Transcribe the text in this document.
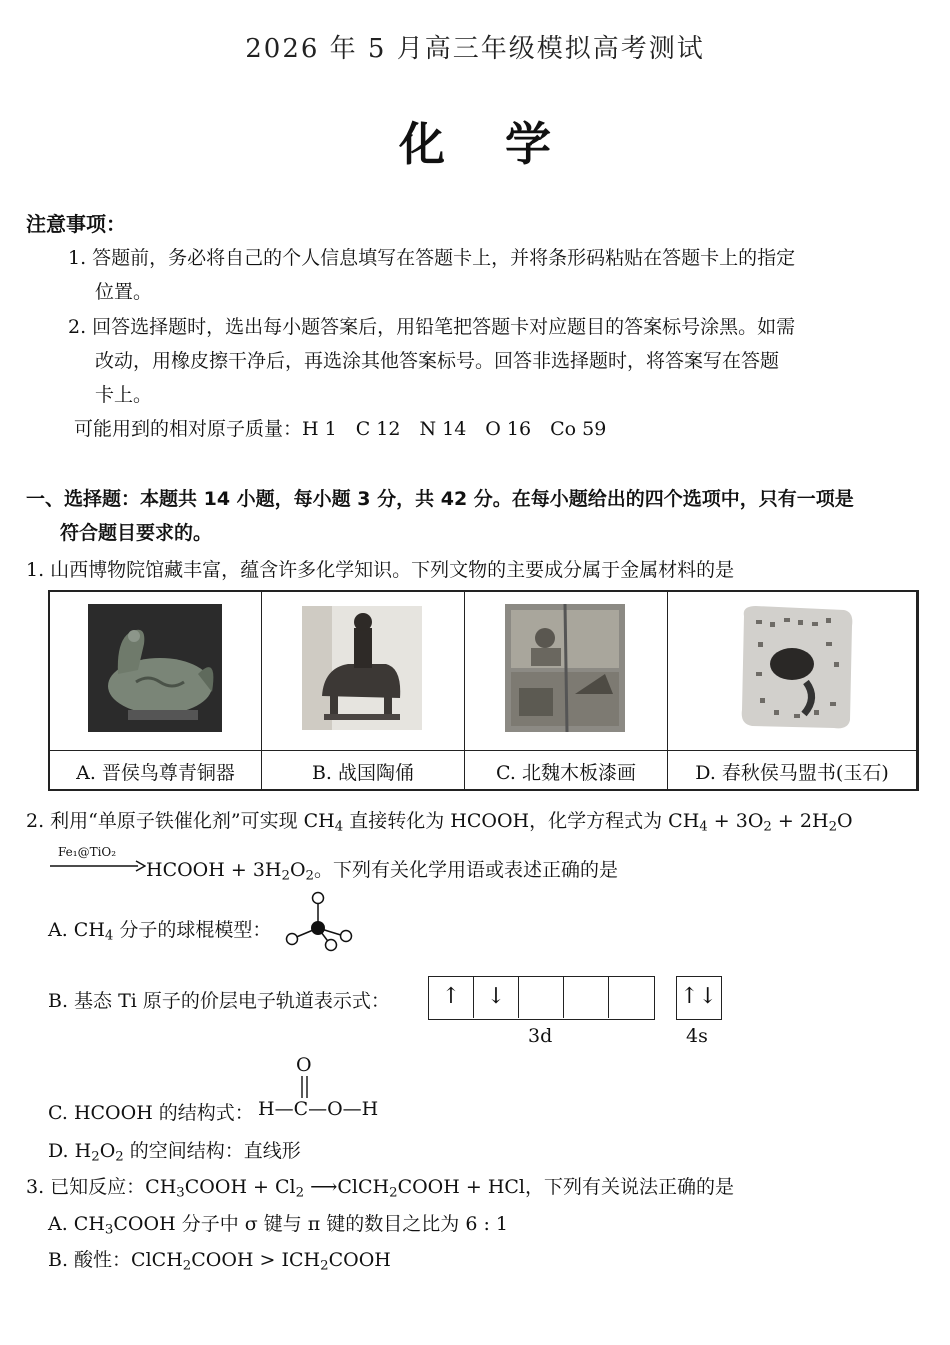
2026 年 5 月高三年级模拟高考测试
化学
注意事项：
1. 答题前，务必将自己的个人信息填写在答题卡上，并将条形码粘贴在答题卡上的指定
位置。
2. 回答选择题时，选出每小题答案后，用铅笔把答题卡对应题目的答案标号涂黑。如需
改动，用橡皮擦干净后，再选涂其他答案标号。回答非选择题时，将答案写在答题
卡上。
可能用到的相对原子质量：H 1　C 12　N 14　O 16　Co 59
一、选择题：本题共 14 小题，每小题 3 分，共 42 分。在每小题给出的四个选项中，只有一项是
符合题目要求的。
1. 山西博物院馆藏丰富，蕴含许多化学知识。下列文物的主要成分属于金属材料的是
A. 晋侯鸟尊青铜器	B. 战国陶俑	C. 北魏木板漆画	D. 春秋侯马盟书(玉石)
2. 利用“单原子铁催化剂”可实现 $CH_4$ 直接转化为 HCOOH，化学方程式为 $CH_4 + 3O_2 + 2H_2O$
Fe₁@TiO₂
HCOOH + $3H_2O_2$。下列有关化学用语或表述正确的是
A. $CH_4$ 分子的球棍模型：
B. 基态 Ti 原子的价层电子轨道表示式：	↑	↓	↑↓
3d	4s
C. HCOOH 的结构式：
O
H—C—O—H
D. $H_2O_2$ 的空间结构：直线形
3. 已知反应：$CH_3COOH + Cl_2$ ⟶ClCH$_2$COOH + HCl，下列有关说法正确的是
A. $CH_3COOH$ 分子中 σ 键与 π 键的数目之比为 6 : 1
B. 酸性：ClCH$_2$COOH > $ICH_2COOH$
